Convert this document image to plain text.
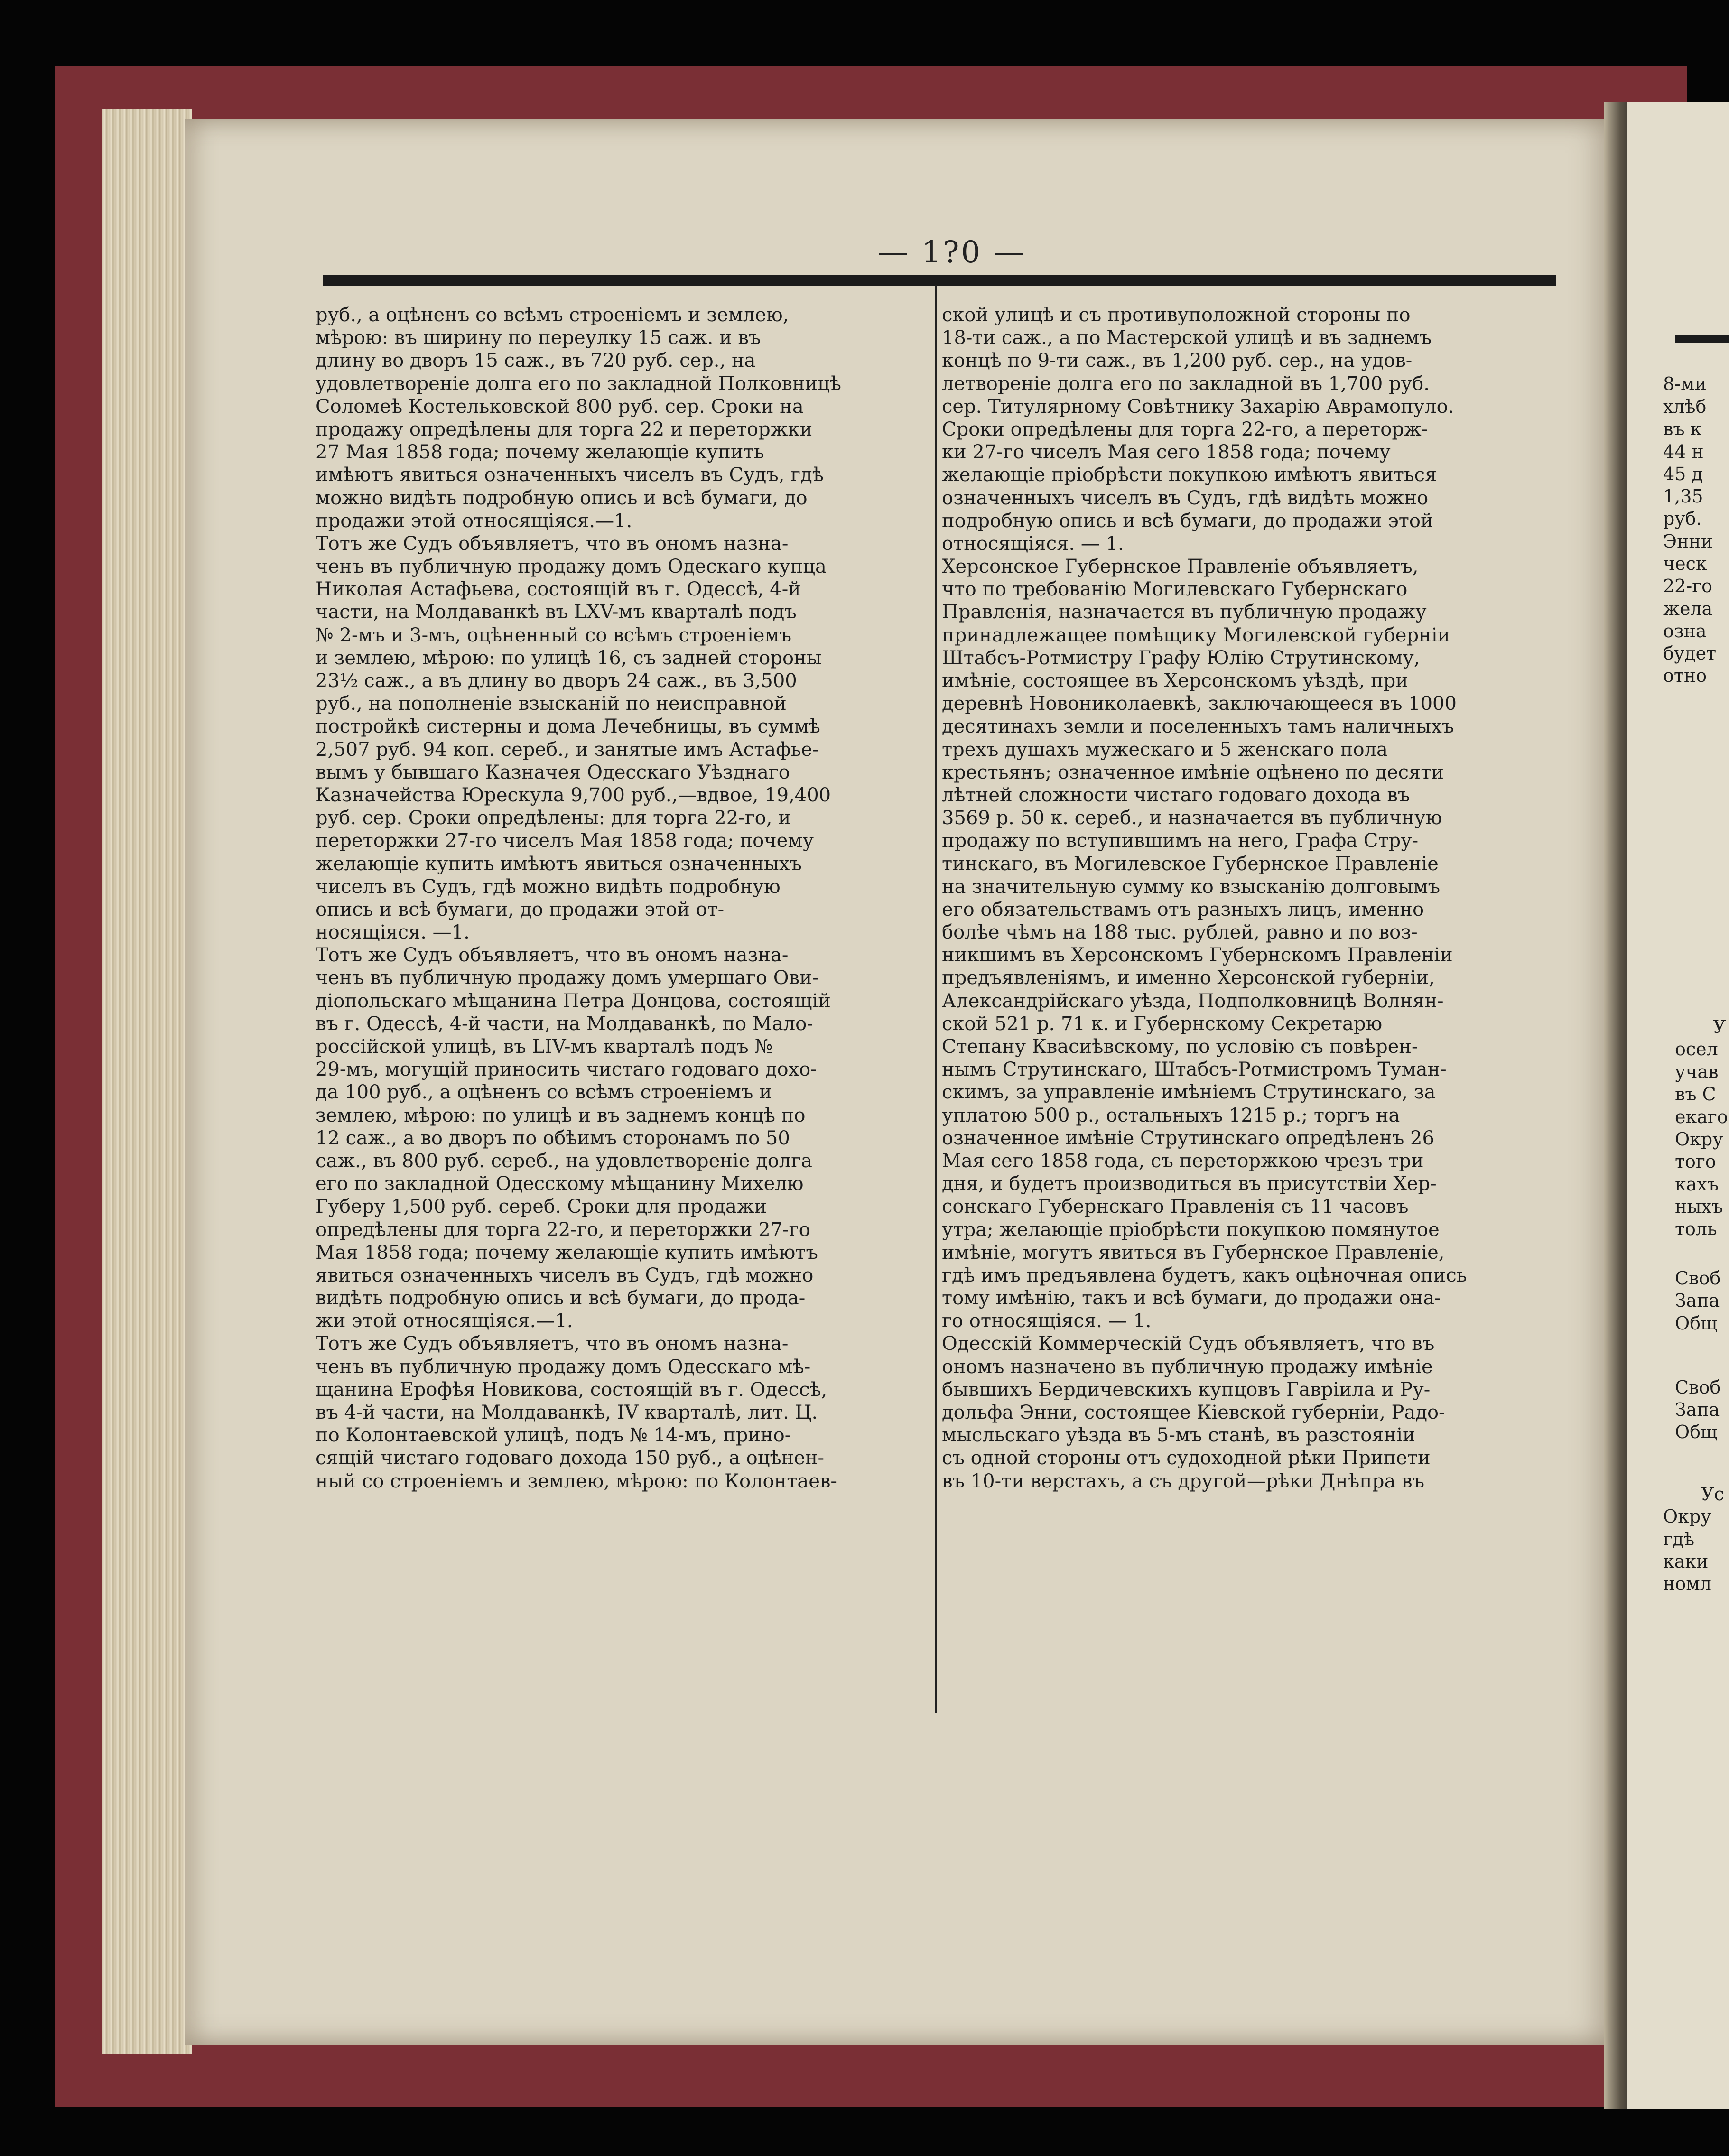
— 1?0 —
руб., а оцѣненъ со всѣмъ строеніемъ и землею,
мѣрою: въ ширину по переулку 15 саж. и въ
длину во дворъ 15 саж., въ 720 руб. сер., на
удовлетвореніе долга его по закладной Полковницѣ
Соломеѣ Костельковской 800 руб. сер. Сроки на
продажу опредѣлены для торга 22 и переторжки
27 Мая 1858 года; почему желающіе купить
имѣютъ явиться означенныхъ чиселъ въ Судъ, гдѣ
можно видѣть подробную опись и всѣ бумаги, до
продажи этой относящіяся.—1.
Тотъ же Судъ объявляетъ, что въ ономъ назна-
ченъ въ публичную продажу домъ Одескаго купца
Николая Астафьева, состоящій въ г. Одессѣ, 4-й
части, на Молдаванкѣ въ LXV-мъ кварталѣ подъ
№ 2-мъ и 3-мъ, оцѣненный со всѣмъ строеніемъ
и землею, мѣрою: по улицѣ 16, съ задней стороны
23½ саж., а въ длину во дворъ 24 саж., въ 3,500
руб., на пополненіе взысканій по неисправной
постройкѣ систерны и дома Лечебницы, въ суммѣ
2,507 руб. 94 коп. сереб., и занятые имъ Астафье-
вымъ у бывшаго Казначея Одесскаго Уѣзднаго
Казначейства Юрескула 9,700 руб.,—вдвое, 19,400
руб. сер. Сроки опредѣлены: для торга 22-го, и
переторжки 27-го чиселъ Мая 1858 года; почему
желающіе купить имѣютъ явиться означенныхъ
чиселъ въ Судъ, гдѣ можно видѣть подробную
опись и всѣ бумаги, до продажи этой от-
носящіяся. —1.
Тотъ же Судъ объявляетъ, что въ ономъ назна-
ченъ въ публичную продажу домъ умершаго Ови-
діопольскаго мѣщанина Петра Донцова, состоящій
въ г. Одессѣ, 4-й части, на Молдаванкѣ, по Мало-
россійской улицѣ, въ LIV-мъ кварталѣ подъ №
29-мъ, могущій приносить чистаго годоваго дохо-
да 100 руб., а оцѣненъ со всѣмъ строеніемъ и
землею, мѣрою: по улицѣ и въ заднемъ концѣ по
12 саж., а во дворъ по обѣимъ сторонамъ по 50
саж., въ 800 руб. сереб., на удовлетвореніе долга
его по закладной Одесскому мѣщанину Михелю
Губеру 1,500 руб. сереб. Сроки для продажи
опредѣлены для торга 22-го, и переторжки 27-го
Мая 1858 года; почему желающіе купить имѣютъ
явиться означенныхъ чиселъ въ Судъ, гдѣ можно
видѣть подробную опись и всѣ бумаги, до прода-
жи этой относящіяся.—1.
Тотъ же Судъ объявляетъ, что въ ономъ назна-
ченъ въ публичную продажу домъ Одесскаго мѣ-
щанина Ерофѣя Новикова, состоящій въ г. Одессѣ,
въ 4-й части, на Молдаванкѣ, IV кварталѣ, лит. Ц.
по Колонтаевской улицѣ, подъ № 14-мъ, прино-
сящій чистаго годоваго дохода 150 руб., а оцѣнен-
ный со строеніемъ и землею, мѣрою: по Колонтаев-
ской улицѣ и съ противуположной стороны по
18-ти саж., а по Мастерской улицѣ и въ заднемъ
концѣ по 9-ти саж., въ 1,200 руб. сер., на удов-
летвореніе долга его по закладной въ 1,700 руб.
сер. Титулярному Совѣтнику Захарію Аврамопуло.
Сроки опредѣлены для торга 22-го, а переторж-
ки 27-го чиселъ Мая сего 1858 года; почему
желающіе пріобрѣсти покупкою имѣютъ явиться
означенныхъ чиселъ въ Судъ, гдѣ видѣть можно
подробную опись и всѣ бумаги, до продажи этой
относящіяся. — 1.
Херсонское Губернское Правленіе объявляетъ,
что по требованію Могилевскаго Губернскаго
Правленія, назначается въ публичную продажу
принадлежащее помѣщику Могилевской губерніи
Штабсъ-Ротмистру Графу Юлію Струтинскому,
имѣніе, состоящее въ Херсонскомъ уѣздѣ, при
деревнѣ Новониколаевкѣ, заключающееся въ 1000
десятинахъ земли и поселенныхъ тамъ наличныхъ
трехъ душахъ мужескаго и 5 женскаго пола
крестьянъ; означенное имѣніе оцѣнено по десяти
лѣтней сложности чистаго годоваго дохода въ
3569 р. 50 к. сереб., и назначается въ публичную
продажу по вступившимъ на него, Графа Стру-
тинскаго, въ Могилевское Губернское Правленіе
на значительную сумму ко взысканію долговымъ
его обязательствамъ отъ разныхъ лицъ, именно
болѣе чѣмъ на 188 тыс. рублей, равно и по воз-
никшимъ въ Херсонскомъ Губернскомъ Правленіи
предъявленіямъ, и именно Херсонской губерніи,
Александрійскаго уѣзда, Подполковницѣ Волнян-
ской 521 р. 71 к. и Губернскому Секретарю
Степану Квасиѣвскому, по условію съ повѣрен-
нымъ Струтинскаго, Штабсъ-Ротмистромъ Туман-
скимъ, за управленіе имѣніемъ Струтинскаго, за
уплатою 500 р., остальныхъ 1215 р.; торгъ на
означенное имѣніе Струтинскаго опредѣленъ 26
Мая сего 1858 года, съ переторжкою чрезъ три
дня, и будетъ производиться въ присутствіи Хер-
сонскаго Губернскаго Правленія съ 11 часовъ
утра; желающіе пріобрѣсти покупкою помянутое
имѣніе, могутъ явиться въ Губернское Правленіе,
гдѣ имъ предъявлена будетъ, какъ оцѣночная опись
тому имѣнію, такъ и всѣ бумаги, до продажи она-
го относящіяся. — 1.
Одесскій Коммерческій Судъ объявляетъ, что въ
ономъ назначено въ публичную продажу имѣніе
бывшихъ Бердичевскихъ купцовъ Гавріила и Ру-
дольфа Энни, состоящее Кіевской губерніи, Радо-
мысльскаго уѣзда въ 5-мъ станѣ, въ разстояніи
съ одной стороны отъ судоходной рѣки Припети
въ 10-ти верстахъ, а съ другой—рѣки Днѣпра въ
8-ми
хлѣб
въ к
44 н
45 д
1,35
руб.
Энни
ческ
22-го
жела
озна
будет
отно
У
осел
учав
въ С
екаго
Окру
того
кахъ
ныхъ
толь
Своб
Запа
Общ
Своб
Запа
Общ
Ус
Окру
гдѣ
каки
номл
